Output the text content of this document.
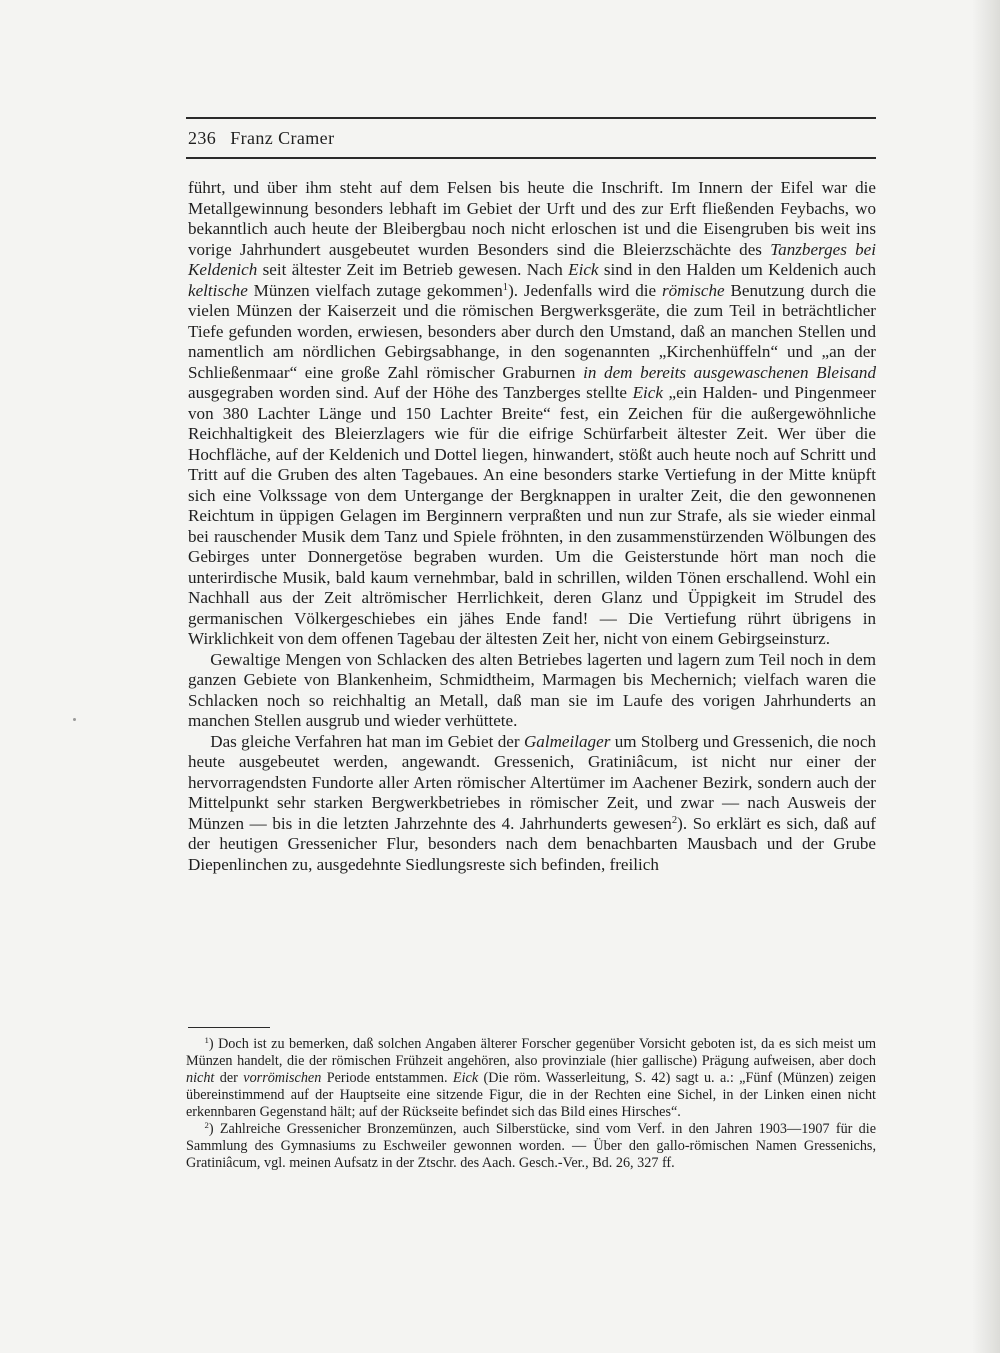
236 Franz Cramer

führt, und über ihm steht auf dem Felsen bis heute die Inschrift. Im Innern der Eifel war die Metallgewinnung besonders lebhaft im Gebiet der Urft und des zur Erft fließenden Feybachs, wo bekanntlich auch heute der Bleibergbau noch nicht erloschen ist und die Eisengruben bis weit ins vorige Jahrhundert ausgebeutet wurden Besonders sind die Bleierzschächte des Tanzberges bei Keldenich seit ältester Zeit im Betrieb gewesen. Nach Eick sind in den Halden um Keldenich auch keltische Münzen vielfach zutage gekommen$^1$). Jedenfalls wird die römische Benutzung durch die vielen Münzen der Kaiserzeit und die römischen Bergwerksgeräte, die zum Teil in beträchtlicher Tiefe gefunden worden, erwiesen, besonders aber durch den Umstand, daß an manchen Stellen und namentlich am nördlichen Gebirgsabhange, in den sogenannten „Kirchenhüffeln“ und „an der Schließenmaar“ eine große Zahl römischer Graburnen in dem bereits ausgewaschenen Bleisand ausgegraben worden sind. Auf der Höhe des Tanzberges stellte Eick „ein Halden- und Pingenmeer von 380 Lachter Länge und 150 Lachter Breite“ fest, ein Zeichen für die außergewöhnliche Reichhaltigkeit des Bleierzlagers wie für die eifrige Schürfarbeit ältester Zeit. Wer über die Hochfläche, auf der Keldenich und Dottel liegen, hinwandert, stößt auch heute noch auf Schritt und Tritt auf die Gruben des alten Tagebaues. An eine besonders starke Vertiefung in der Mitte knüpft sich eine Volkssage von dem Untergange der Bergknappen in uralter Zeit, die den gewonnenen Reichtum in üppigen Gelagen im Berginnern verpraßten und nun zur Strafe, als sie wieder einmal bei rauschender Musik dem Tanz und Spiele fröhnten, in den zusammenstürzenden Wölbungen des Gebirges unter Donnergetöse begraben wurden. Um die Geisterstunde hört man noch die unterirdische Musik, bald kaum vernehmbar, bald in schrillen, wilden Tönen erschallend. Wohl ein Nachhall aus der Zeit altrömischer Herrlichkeit, deren Glanz und Üppigkeit im Strudel des germanischen Völkergeschiebes ein jähes Ende fand! — Die Vertiefung rührt übrigens in Wirklichkeit von dem offenen Tagebau der ältesten Zeit her, nicht von einem Gebirgseinsturz.

Gewaltige Mengen von Schlacken des alten Betriebes lagerten und lagern zum Teil noch in dem ganzen Gebiete von Blankenheim, Schmidtheim, Marmagen bis Mechernich; vielfach waren die Schlacken noch so reichhaltig an Metall, daß man sie im Laufe des vorigen Jahrhunderts an manchen Stellen ausgrub und wieder verhüttete.

Das gleiche Verfahren hat man im Gebiet der Galmeilager um Stolberg und Gressenich, die noch heute ausgebeutet werden, angewandt. Gressenich, Gratiniâcum, ist nicht nur einer der hervorragendsten Fundorte aller Arten römischer Altertümer im Aachener Bezirk, sondern auch der Mittelpunkt sehr starken Bergwerkbetriebes in römischer Zeit, und zwar — nach Ausweis der Münzen — bis in die letzten Jahrzehnte des 4. Jahrhunderts gewesen$^2$). So erklärt es sich, daß auf der heutigen Gressenicher Flur, besonders nach dem benachbarten Mausbach und der Grube Diepenlinchen zu, ausgedehnte Siedlungsreste sich befinden, freilich

$^1$) Doch ist zu bemerken, daß solchen Angaben älterer Forscher gegenüber Vorsicht geboten ist, da es sich meist um Münzen handelt, die der römischen Frühzeit angehören, also provinziale (hier gallische) Prägung aufweisen, aber doch nicht der vorrömischen Periode entstammen. Eick (Die röm. Wasserleitung, S. 42) sagt u. a.: „Fünf (Münzen) zeigen übereinstimmend auf der Hauptseite eine sitzende Figur, die in der Rechten eine Sichel, in der Linken einen nicht erkennbaren Gegenstand hält; auf der Rückseite befindet sich das Bild eines Hirsches“.

$^2$) Zahlreiche Gressenicher Bronzemünzen, auch Silberstücke, sind vom Verf. in den Jahren 1903—1907 für die Sammlung des Gymnasiums zu Eschweiler gewonnen worden. — Über den gallo-römischen Namen Gressenichs, Gratiniâcum, vgl. meinen Aufsatz in der Ztschr. des Aach. Gesch.-Ver., Bd. 26, 327 ff.
